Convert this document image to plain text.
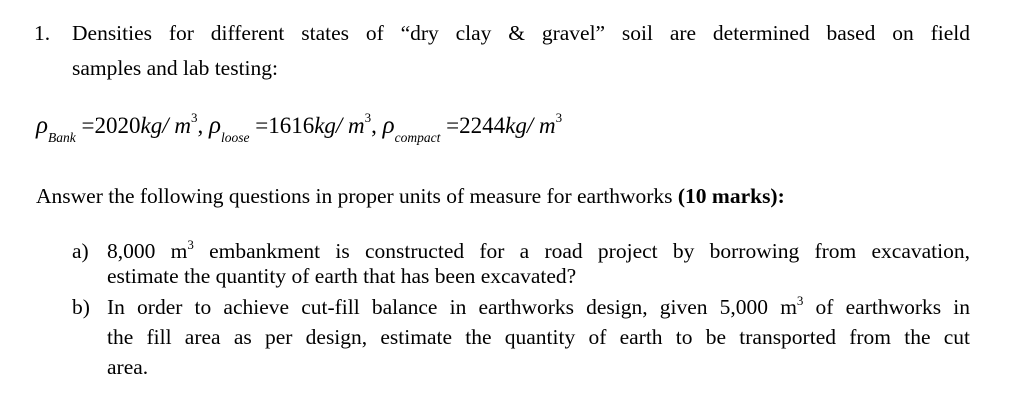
1. Densities for different states of “dry clay & gravel” soil are determined based on field
samples and lab testing:
$\rho_{Bank} =2020kg/$ $m^3$, $\rho_{loose} =1616kg/$ $m^3$, $\rho_{compact} =2244kg/$ $m^3$
Answer the following questions in proper units of measure for earthworks (10 marks):
a) 8,000 $m^3$ embankment is constructed for a road project by borrowing from excavation,
estimate the quantity of earth that has been excavated?
b) In order to achieve cut-fill balance in earthworks design, given 5,000 $m^3$ of earthworks in
the fill area as per design, estimate the quantity of earth to be transported from the cut
area.
